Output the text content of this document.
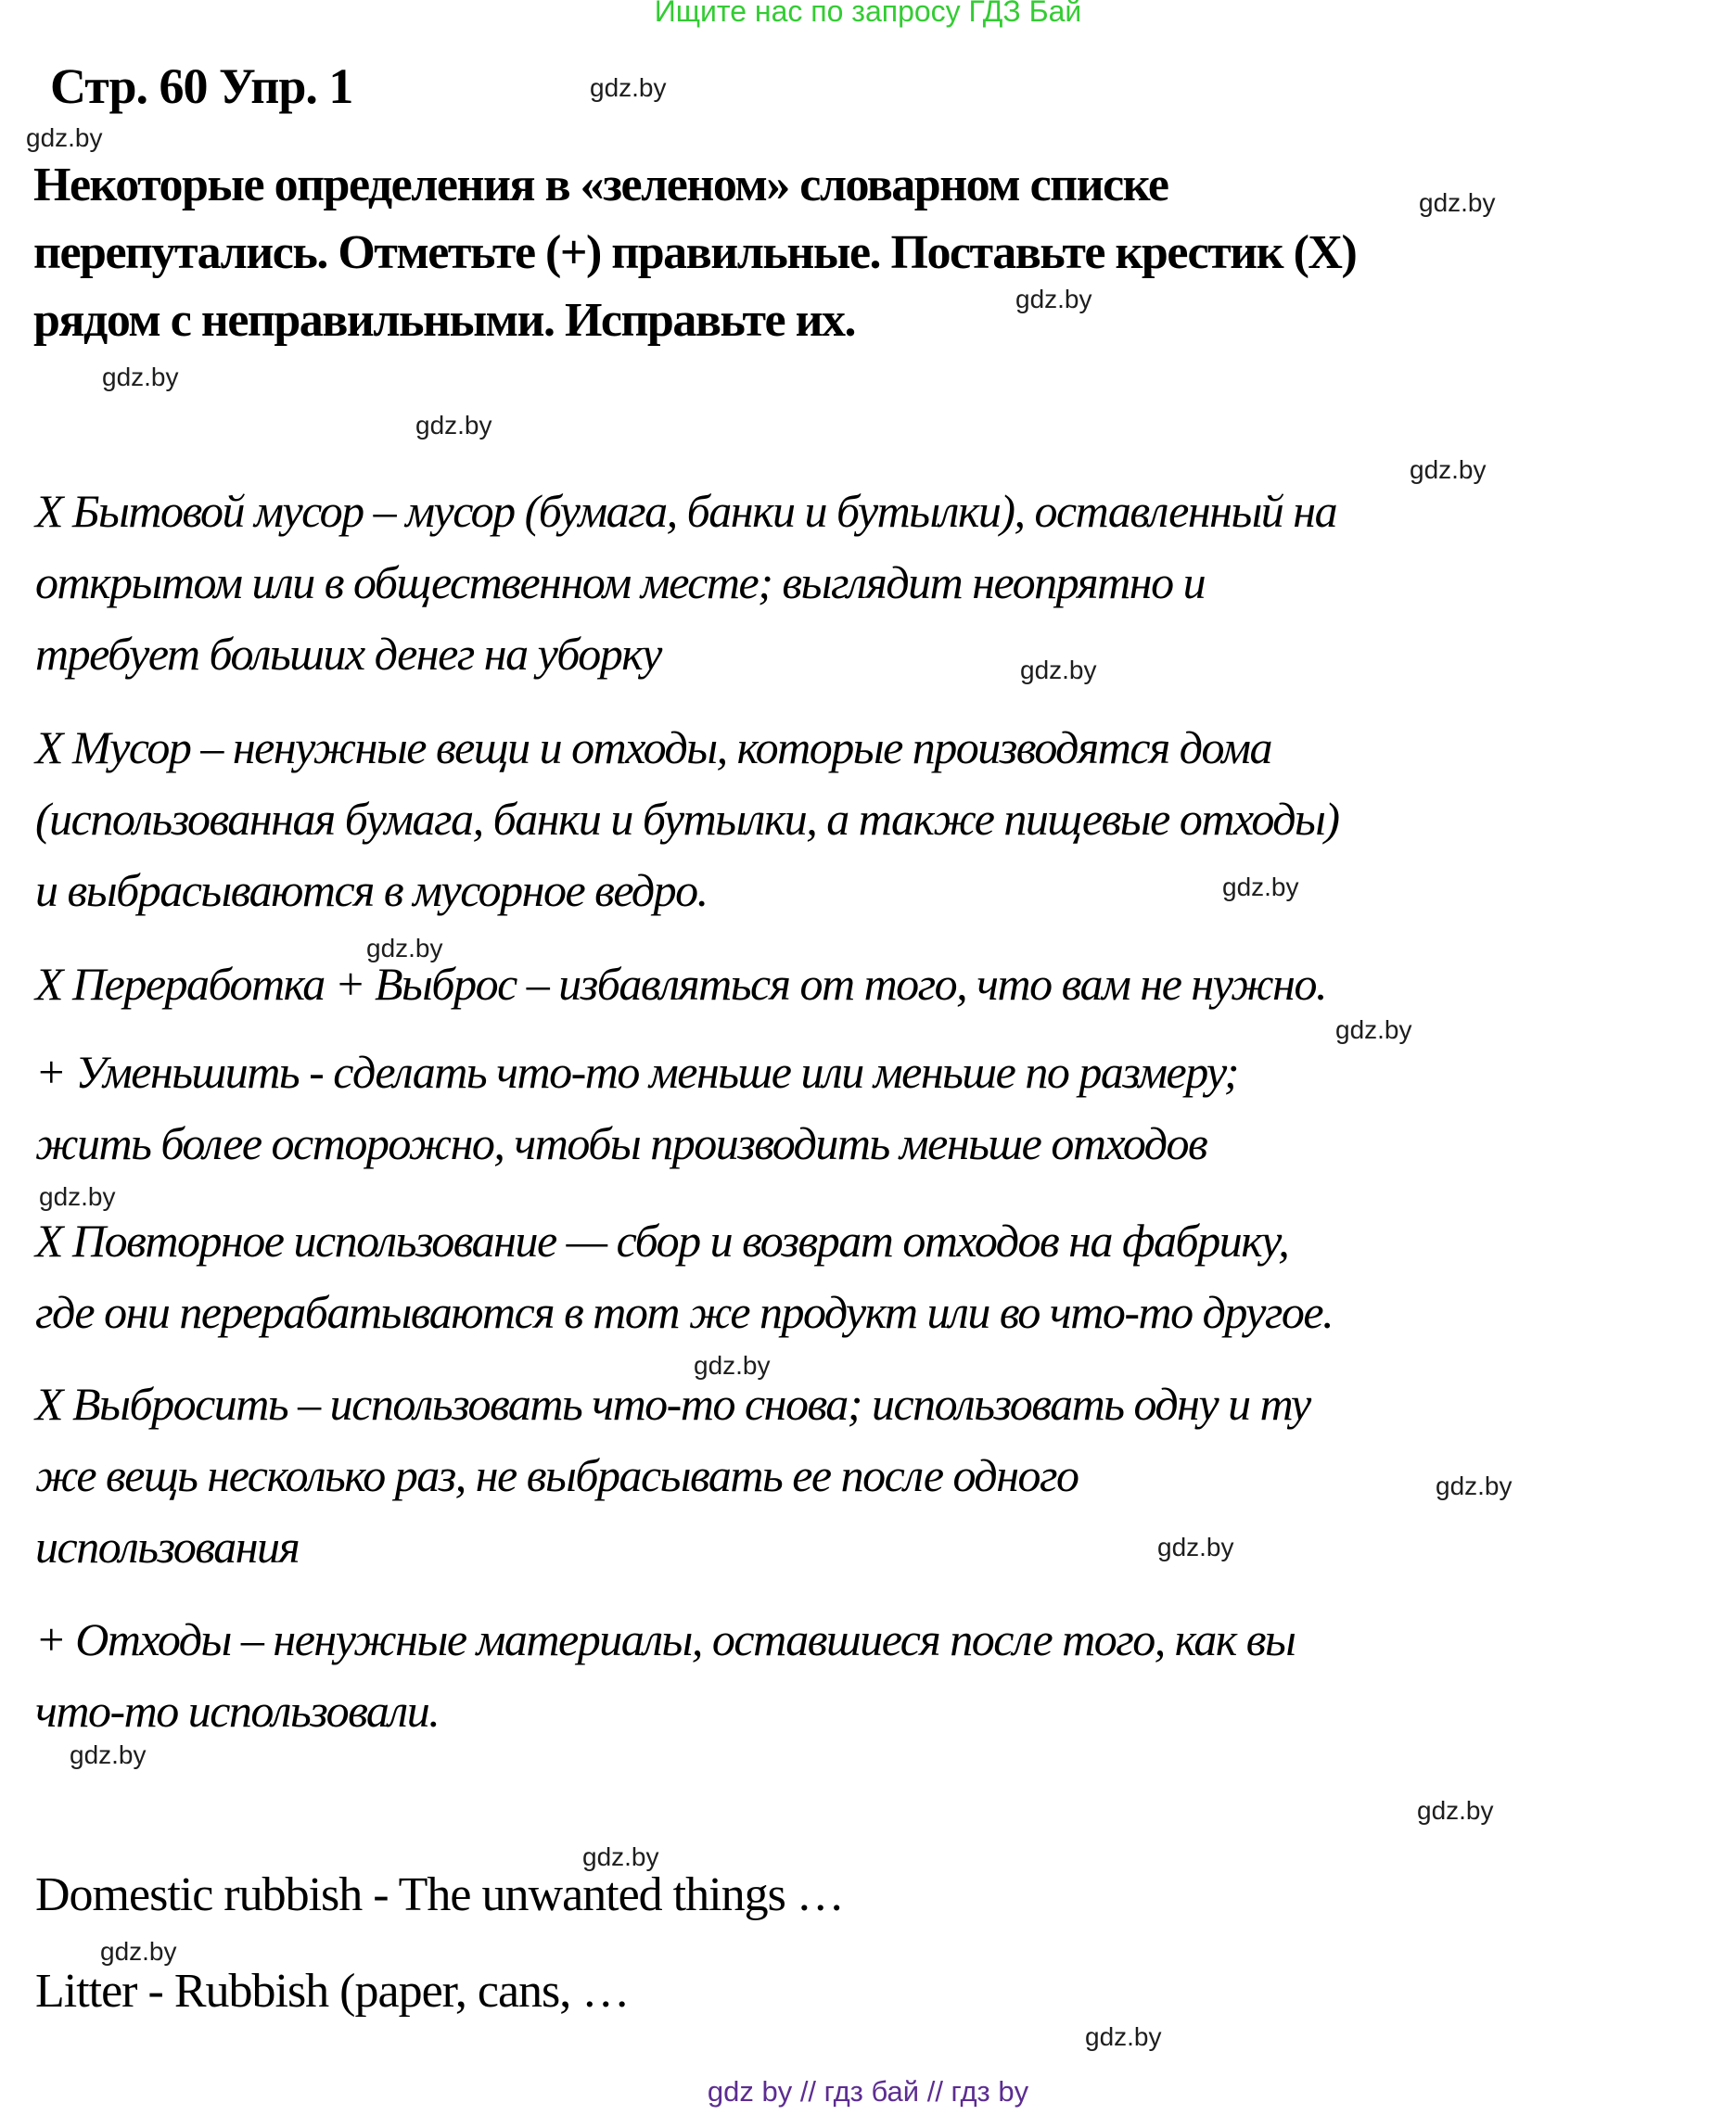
Ищите нас по запросу ГДЗ Бай
Стр. 60 Упр. 1
Некоторые определения в «зеленом» словарном списке
перепутались. Отметьте (+) правильные. Поставьте крестик (X)
рядом с неправильными. Исправьте их.
X Бытовой мусор – мусор (бумага, банки и бутылки), оставленный на
открытом или в общественном месте; выглядит неопрятно и
требует больших денег на уборку
X Мусор – ненужные вещи и отходы, которые производятся дома
(использованная бумага, банки и бутылки, а также пищевые отходы)
и выбрасываются в мусорное ведро.
X Переработка + Выброс – избавляться от того, что вам не нужно.
+ Уменьшить - сделать что-то меньше или меньше по размеру;
жить более осторожно, чтобы производить меньше отходов
X Повторное использование — сбор и возврат отходов на фабрику,
где они перерабатываются в тот же продукт или во что-то другое.
X Выбросить – использовать что-то снова; использовать одну и ту
же вещь несколько раз, не выбрасывать ее после одного
использования
+ Отходы – ненужные материалы, оставшиеся после того, как вы
что-то использовали.
Domestic rubbish - The unwanted things …
Litter - Rubbish (paper, cans, …
gdz by // гдз бай // гдз by
gdz.by
gdz.by
gdz.by
gdz.by
gdz.by
gdz.by
gdz.by
gdz.by
gdz.by
gdz.by
gdz.by
gdz.by
gdz.by
gdz.by
gdz.by
gdz.by
gdz.by
gdz.by
gdz.by
gdz.by
